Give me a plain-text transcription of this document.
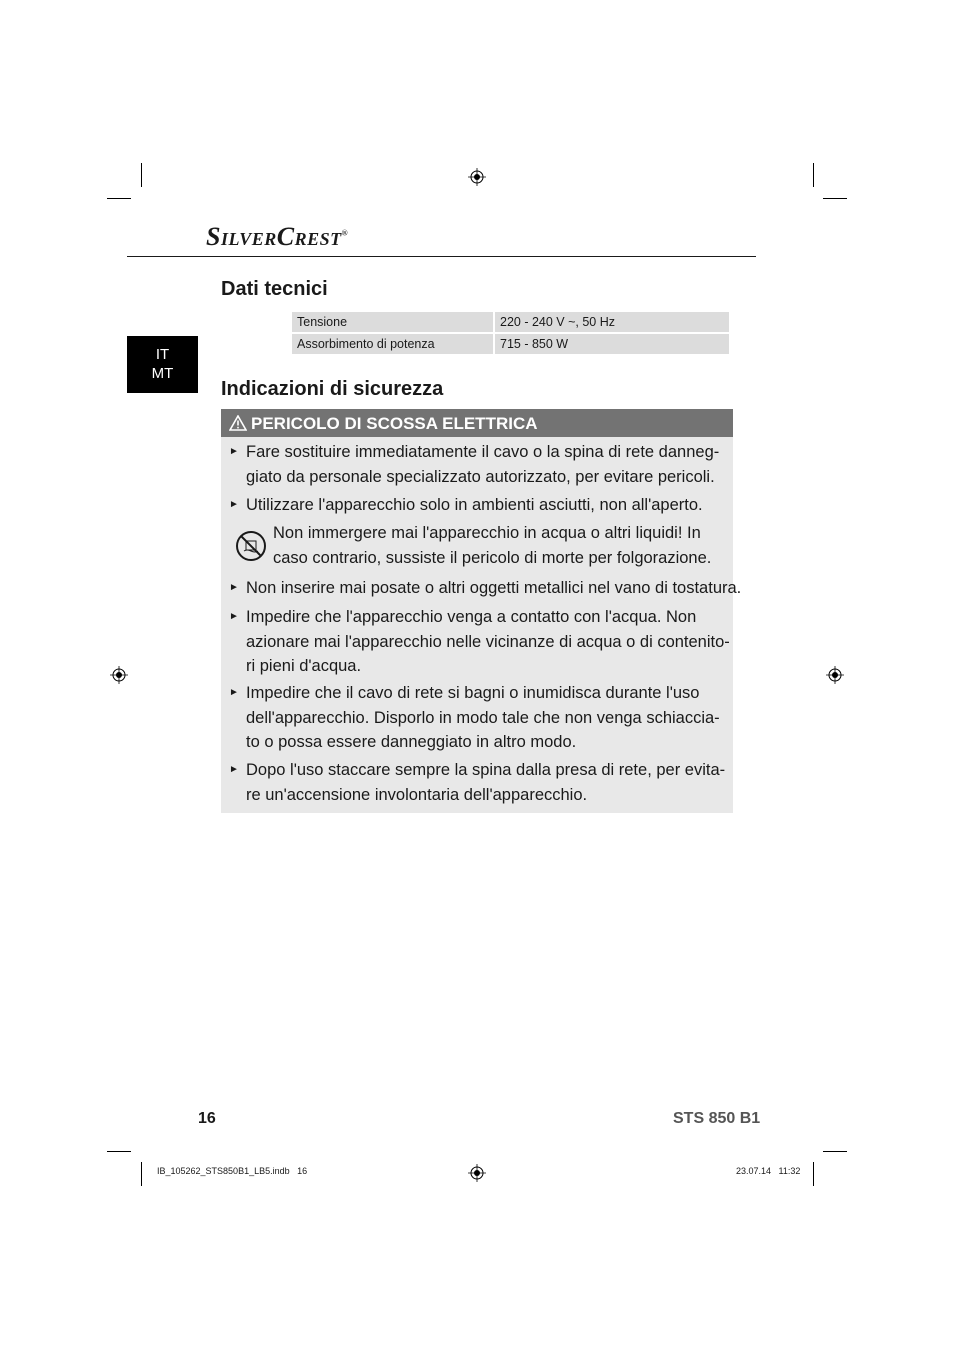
SilverCrest®
IT
MT
Dati tecnici
Tensione	220 - 240 V ~, 50 Hz
Assorbimento di potenza	715 - 850 W
Indicazioni di sicurezza
PERICOLO DI SCOSSA ELETTRICA
► Fare sostituire immediatamente il cavo o la spina di rete danneg-
giato da personale specializzato autorizzato, per evitare pericoli.
► Utilizzare l'apparecchio solo in ambienti asciutti, non all'aperto.
Non immergere mai l'apparecchio in acqua o altri liquidi! In
caso contrario, sussiste il pericolo di morte per folgorazione.
► Non inserire mai posate o altri oggetti metallici nel vano di tostatura.
► Impedire che l'apparecchio venga a contatto con l'acqua. Non
azionare mai l'apparecchio nelle vicinanze di acqua o di contenito-
ri pieni d'acqua.
► Impedire che il cavo di rete si bagni o inumidisca durante l'uso
dell'apparecchio. Disporlo in modo tale che non venga schiaccia-
to o possa essere danneggiato in altro modo.
► Dopo l'uso staccare sempre la spina dalla presa di rete, per evita-
re un'accensione involontaria dell'apparecchio.
16	STS 850 B1
IB_105262_STS850B1_LB5.indb   16	23.07.14   11:32
